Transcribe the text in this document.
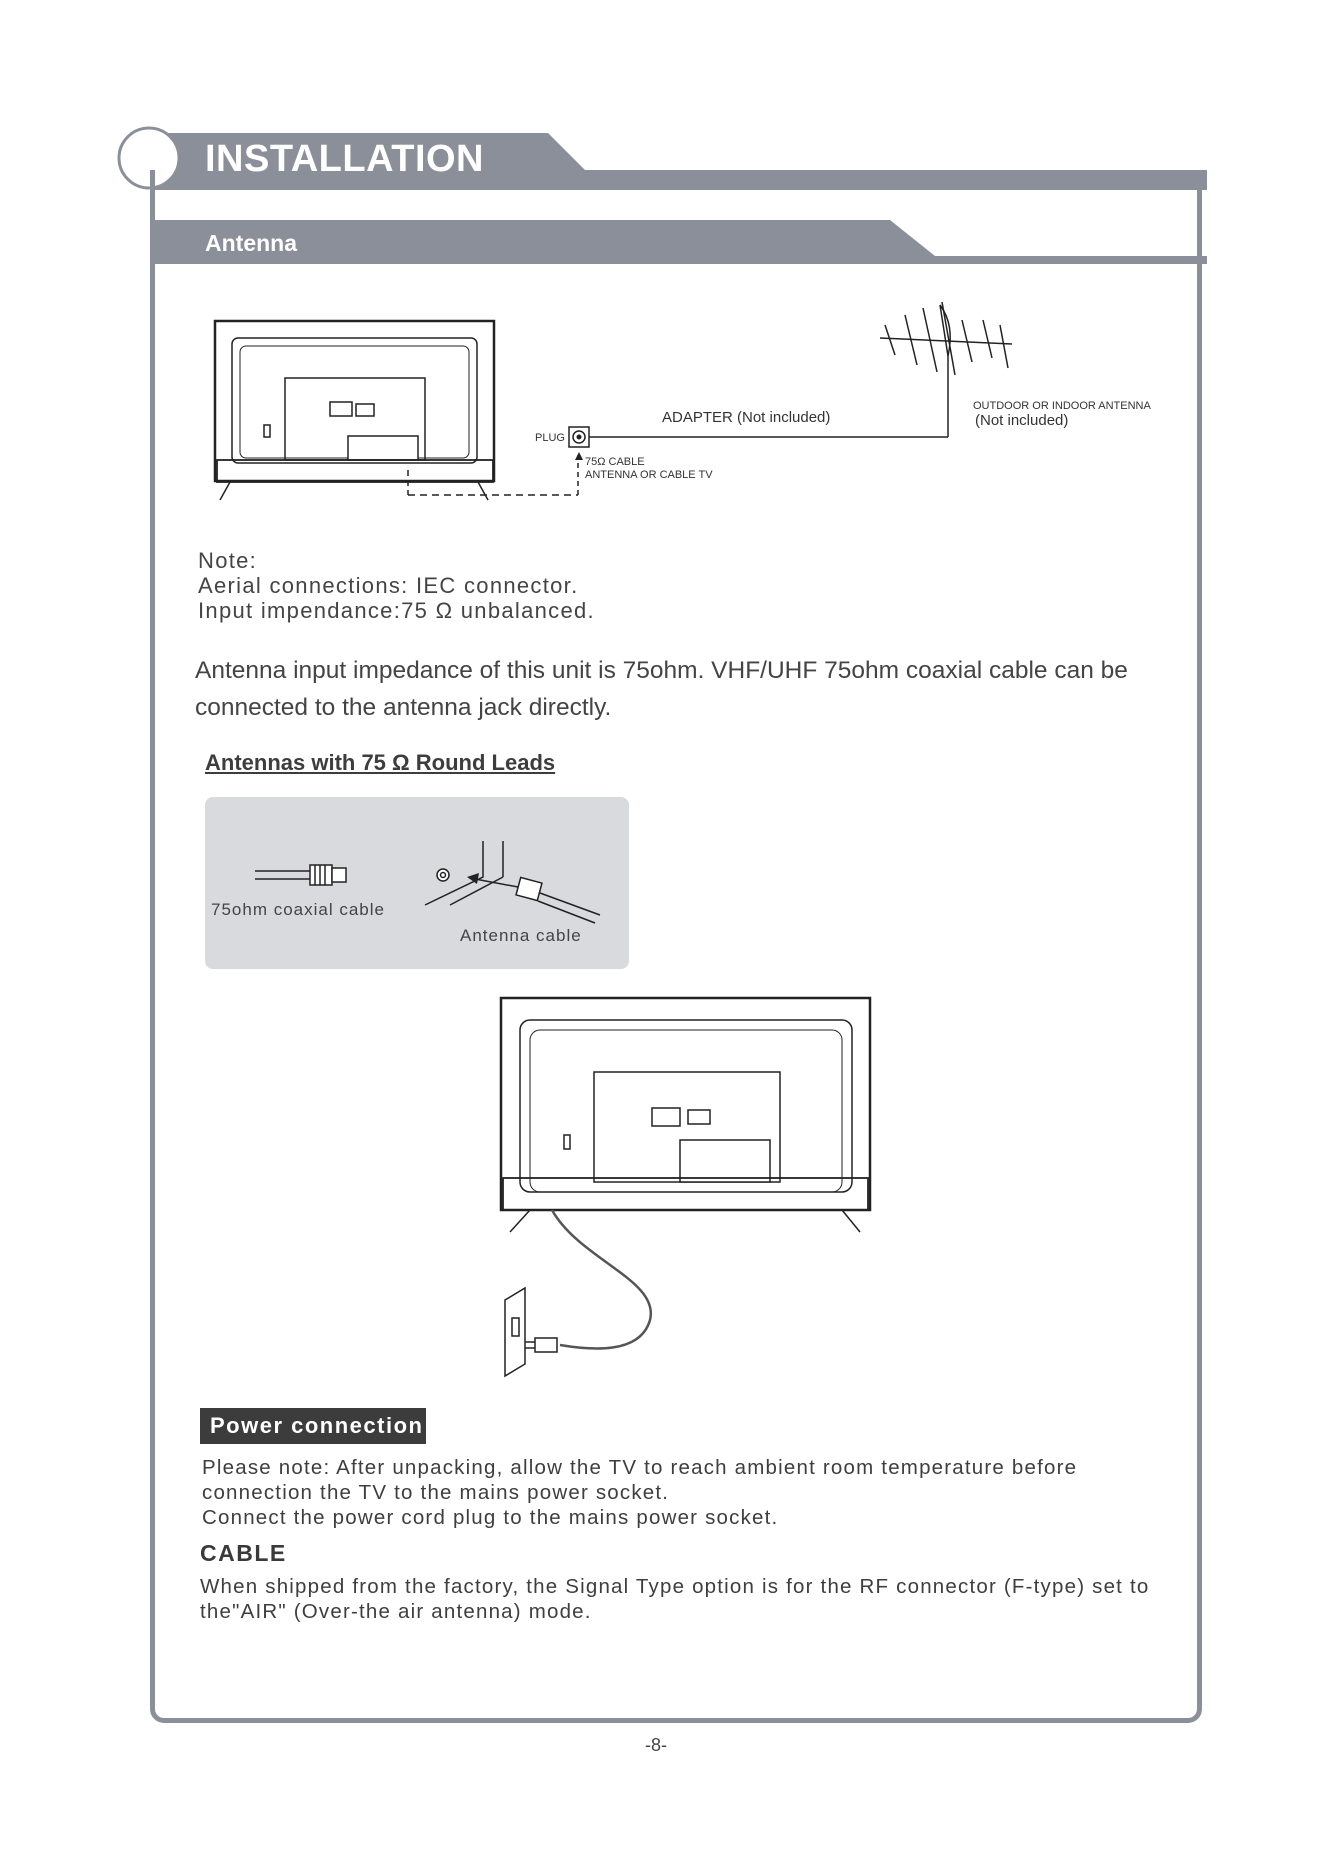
INSTALLATION
Antenna
PLUG
ADAPTER (Not included)
75Ω CABLE
ANTENNA OR CABLE TV
OUTDOOR OR INDOOR ANTENNA
(Not included)
Note:
Aerial connections: IEC connector.
Input impendance:75 Ω unbalanced.
Antenna input impedance of this unit is 75ohm. VHF/UHF 75ohm coaxial cable can be connected to the antenna jack directly.
Antennas with 75 Ω Round Leads
75ohm coaxial cable
Antenna cable
Power connection
Please note: After unpacking, allow the TV to reach ambient room temperature before
connection the TV to the mains power socket.
Connect the power cord plug to the mains power socket.
CABLE
When shipped from the factory, the Signal Type option is for the RF connector (F-type) set to
the"AIR" (Over-the air antenna) mode.
-8-
